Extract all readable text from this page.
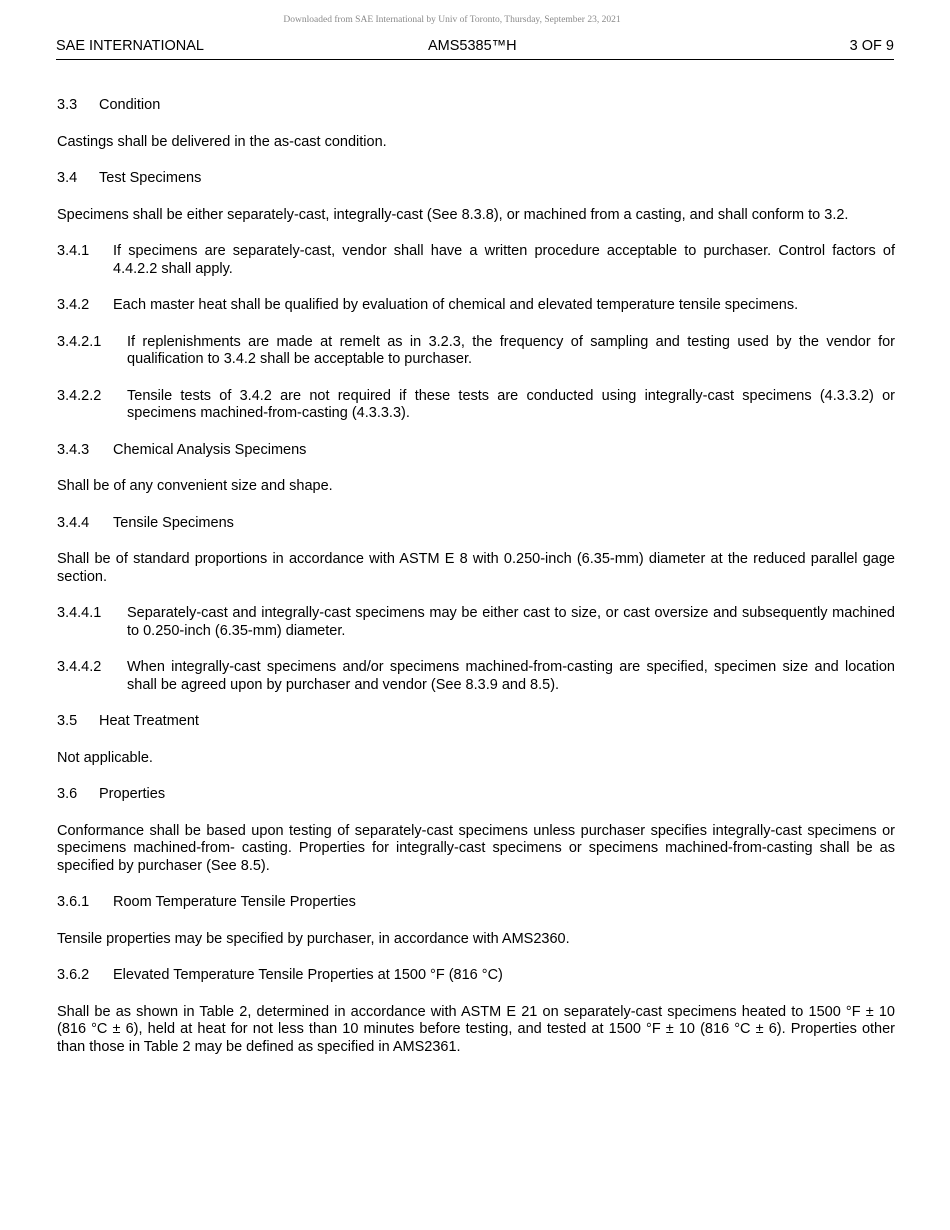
Downloaded from SAE International by Univ of Toronto, Thursday, September 23, 2021
SAE INTERNATIONAL	AMS5385™H	3 OF 9

3.3	Condition

Castings shall be delivered in the as-cast condition.

3.4	Test Specimens

Specimens shall be either separately-cast, integrally-cast (See 8.3.8), or machined from a casting, and shall conform to 3.2.

3.4.1	If specimens are separately-cast, vendor shall have a written procedure acceptable to purchaser. Control factors of 4.4.2.2 shall apply.

3.4.2	Each master heat shall be qualified by evaluation of chemical and elevated temperature tensile specimens.

3.4.2.1	If replenishments are made at remelt as in 3.2.3, the frequency of sampling and testing used by the vendor for qualification to 3.4.2 shall be acceptable to purchaser.

3.4.2.2	Tensile tests of 3.4.2 are not required if these tests are conducted using integrally-cast specimens (4.3.3.2) or specimens machined-from-casting (4.3.3.3).

3.4.3	Chemical Analysis Specimens

Shall be of any convenient size and shape.

3.4.4	Tensile Specimens

Shall be of standard proportions in accordance with ASTM E 8 with 0.250-inch (6.35-mm) diameter at the reduced parallel gage section.

3.4.4.1	Separately-cast and integrally-cast specimens may be either cast to size, or cast oversize and subsequently machined to 0.250-inch (6.35-mm) diameter.

3.4.4.2	When integrally-cast specimens and/or specimens machined-from-casting are specified, specimen size and location shall be agreed upon by purchaser and vendor (See 8.3.9 and 8.5).

3.5	Heat Treatment

Not applicable.

3.6	Properties

Conformance shall be based upon testing of separately-cast specimens unless purchaser specifies integrally-cast specimens or specimens machined-from- casting. Properties for integrally-cast specimens or specimens machined-from-casting shall be as specified by purchaser (See 8.5).

3.6.1	Room Temperature Tensile Properties

Tensile properties may be specified by purchaser, in accordance with AMS2360.

3.6.2	Elevated Temperature Tensile Properties at 1500 °F (816 °C)

Shall be as shown in Table 2, determined in accordance with ASTM E 21 on separately-cast specimens heated to 1500 °F ± 10 (816 °C ± 6), held at heat for not less than 10 minutes before testing, and tested at 1500 °F ± 10 (816 °C ± 6). Properties other than those in Table 2 may be defined as specified in AMS2361.
